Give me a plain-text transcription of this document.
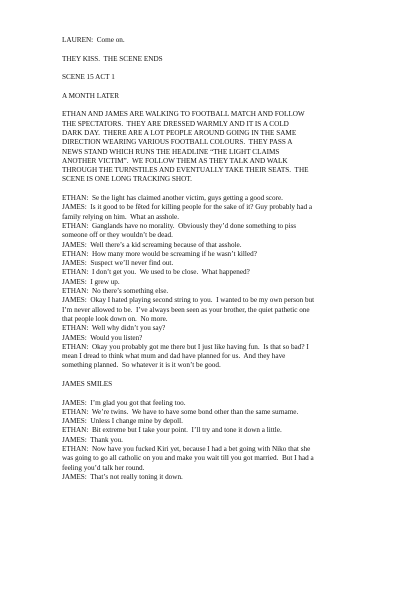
LAUREN:  Come on.
THEY KISS.  THE SCENE ENDS
SCENE 15 ACT 1
A MONTH LATER
ETHAN AND JAMES ARE WALKING TO FOOTBALL MATCH AND FOLLOW
THE SPECTATORS.  THEY ARE DRESSED WARMLY AND IT IS A COLD
DARK DAY.  THERE ARE A LOT PEOPLE AROUND GOING IN THE SAME
DIRECTION WEARING VARIOUS FOOTBALL COLOURS.  THEY PASS A
NEWS STAND WHICH RUNS THE HEADLINE “THE LIGHT CLAIMS
ANOTHER VICTIM”.  WE FOLLOW THEM AS THEY TALK AND WALK
THROUGH THE TURNSTILES AND EVENTUALLY TAKE THEIR SEATS.  THE
SCENE IS ONE LONG TRACKING SHOT.
ETHAN:  Se the light has claimed another victim, guys getting a good score.
JAMES:  Is it good to be fêted for killing people for the sake of it? Guy probably had a
family relying on him.  What an asshole.
ETHAN:  Ganglands have no morality.  Obviously they’d done something to piss
someone off or they wouldn’t be dead.
JAMES:  Well there’s a kid screaming because of that asshole.
ETHAN:  How many more would be screaming if he wasn’t killed?
JAMES:  Suspect we’ll never find out.
ETHAN:  I don’t get you.  We used to be close.  What happened?
JAMES:  I grew up.
ETHAN:  No there’s something else.
JAMES:  Okay I hated playing second string to you.  I wanted to be my own person but
I’m never allowed to be.  I’ve always been seen as your brother, the quiet pathetic one
that people look down on.  No more.
ETHAN:  Well why didn’t you say?
JAMES:  Would you listen?
ETHAN:  Okay you probably got me there but I just like having fun.  Is that so bad? I
mean I dread to think what mum and dad have planned for us.  And they have
something planned.  So whatever it is it won’t be good.
JAMES SMILES
JAMES:  I’m glad you got that feeling too.
ETHAN:  We’re twins.  We have to have some bond other than the same surname.
JAMES:  Unless I change mine by depoll.
ETHAN:  Bit extreme but I take your point.  I’ll try and tone it down a little.
JAMES:  Thank you.
ETHAN:  Now have you fucked Kiri yet, because I had a bet going with Niko that she
was going to go all catholic on you and make you wait till you got married.  But I had a
feeling you’d talk her round.
JAMES:  That’s not really toning it down.
